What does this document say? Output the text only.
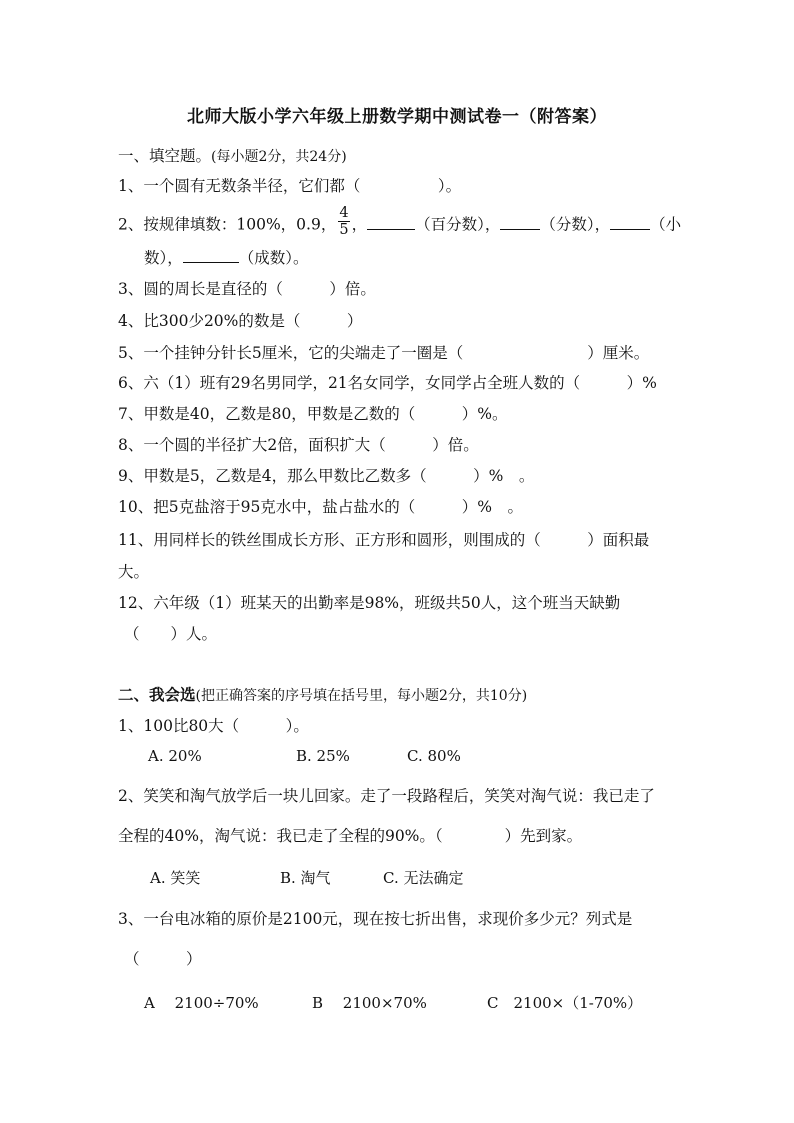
北师大版小学六年级上册数学期中测试卷一（附答案）
一、填空题。(每小题2分，共24分)
1、一个圆有无数条半径，它们都（　　　　　）。
2、按规律填数：100%，0.9， $\frac{4}{5}$ ，	（百分数），	（分数），	（小
数），	（成数）。
3、圆的周长是直径的（　　　）倍。
4、比300少20%的数是（　　　）
5、一个挂钟分针长5厘米，它的尖端走了一圈是（　　　　　　　　）厘米。
6、六（1）班有29名男同学，21名女同学，女同学占全班人数的（　　　）%
7、甲数是40，乙数是80，甲数是乙数的（　　　）%。
8、一个圆的半径扩大2倍，面积扩大（　　　）倍。
9、甲数是5，乙数是4，那么甲数比乙数多（　　　）%　。
10、把5克盐溶于95克水中，盐占盐水的（　　　）%　。
11、用同样长的铁丝围成长方形、正方形和圆形，则围成的（　　　）面积最
大。
12、六年级（1）班某天的出勤率是98%，班级共50人，这个班当天缺勤
（　　）人。
二、我会选(把正确答案的序号填在括号里，每小题2分，共10分)
1、100比80大（　　　）。
A. 20%	B. 25%	C. 80%
2、笑笑和淘气放学后一块儿回家。走了一段路程后，笑笑对淘气说：我已走了
全程的40%，淘气说：我已走了全程的90%。（　　　　）先到家。
A. 笑笑	B. 淘气	C. 无法确定
3、一台电冰箱的原价是2100元，现在按七折出售，求现价多少元？列式是
（　　　）
A　 2100÷70%	B　 2100×70%	C　2100×（1-70%）
